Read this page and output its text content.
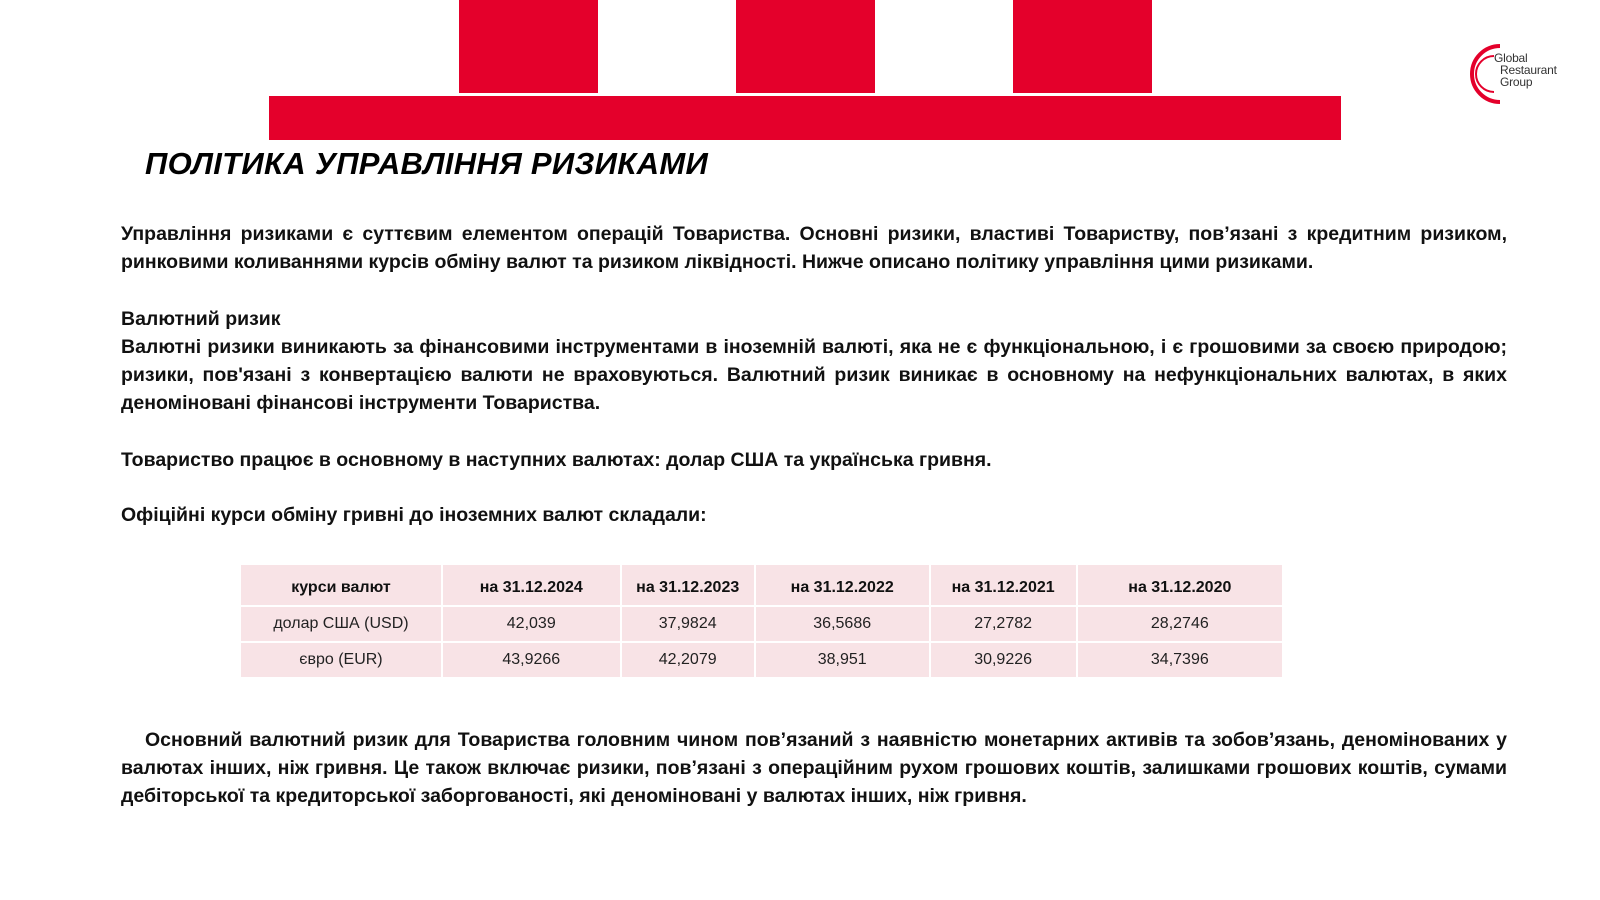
Global
Restaurant
Group
ПОЛІТИКА УПРАВЛІННЯ РИЗИКАМИ

Управління ризиками є суттєвим елементом операцій Товариства. Основні ризики, властиві Товариству, пов’язані з кредитним ризиком, ринковими коливаннями курсів обміну валют та ризиком ліквідності. Нижче описано політику управління цими ризиками.

Валютний ризик

Валютні ризики виникають за фінансовими інструментами в іноземній валюті, яка не є функціональною, і є грошовими за своєю природою; ризики, пов'язані з конвертацією валюти не враховуються. Валютний ризик виникає в основному на нефункціональних валютах, в яких деноміновані фінансові інструменти Товариства.

Товариство працює в основному в наступних валютах: долар США та українська гривня.

Офіційні курси обміну гривні до іноземних валют складали:

курси валют	на 31.12.2024	на 31.12.2023	на 31.12.2022	на 31.12.2021	на 31.12.2020
долар США (USD)	42,039	37,9824	36,5686	27,2782	28,2746
євро (EUR)	43,9266	42,2079	38,951	30,9226	34,7396

Основний валютний ризик для Товариства головним чином пов’язаний з наявністю монетарних активів та зобов’язань, деномінованих у валютах інших, ніж гривня. Це також включає ризики, пов’язані з операційним рухом грошових коштів, залишками грошових коштів, сумами дебіторської та кредиторської заборгованості, які деноміновані у валютах інших, ніж гривня.
